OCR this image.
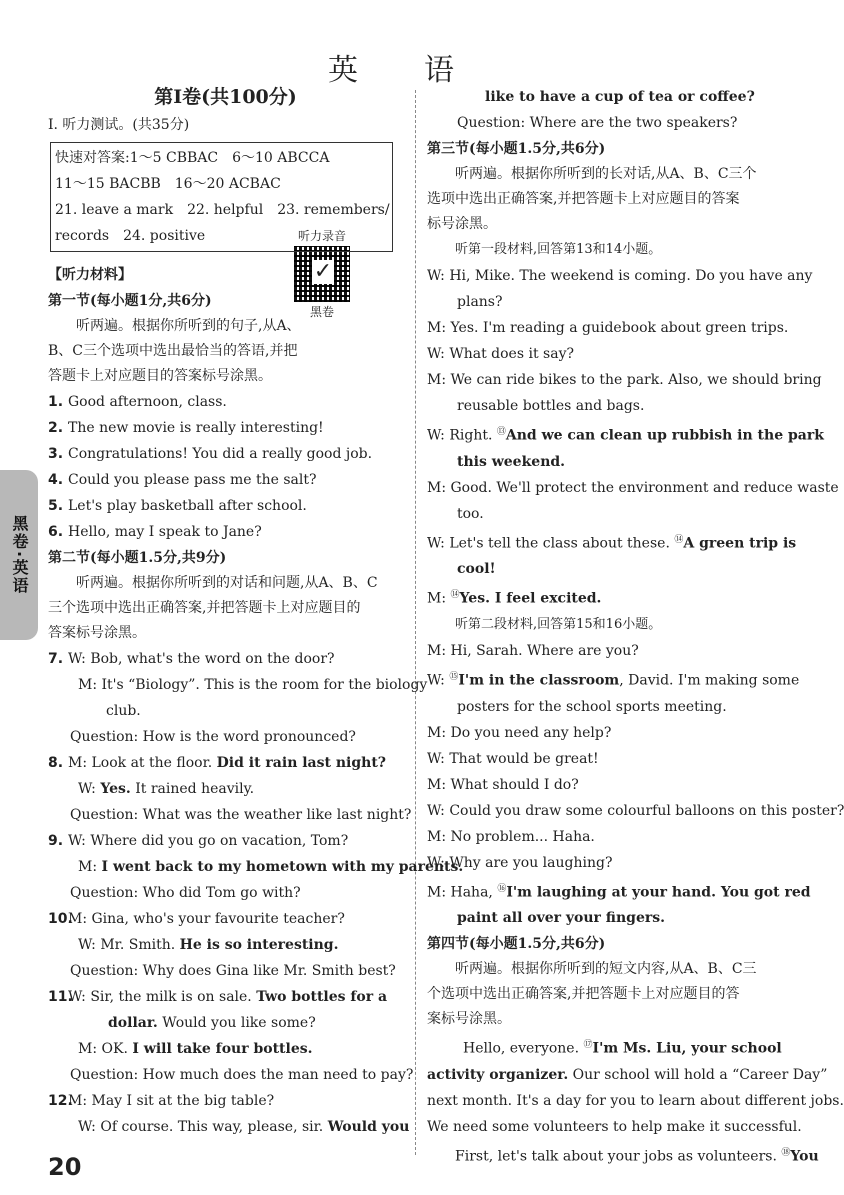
英　语
黑卷·英语
听力录音
✓
黑卷
第Ⅰ卷(共100分)
Ⅰ. 听力测试。(共35分)
快速对答案:1～5 CBBAC　6～10 ABCCA
11～15 BACBB　16～20 ACBAC
21. leave a mark　22. helpful　23. remembers/
records　24. positive
【听力材料】
第一节(每小题1分,共6分)
听两遍。根据你所听到的句子,从A、
B、C三个选项中选出最恰当的答语,并把
答题卡上对应题目的答案标号涂黑。
1. Good afternoon, class.
2. The new movie is really interesting!
3. Congratulations! You did a really good job.
4. Could you please pass me the salt?
5. Let's play basketball after school.
6. Hello, may I speak to Jane?
第二节(每小题1.5分,共9分)
听两遍。根据你所听到的对话和问题,从A、B、C
三个选项中选出正确答案,并把答题卡上对应题目的
答案标号涂黑。
7. W: Bob, what's the word on the door?
M: It's “Biology”. This is the room for the biology
club.
Question: How is the word pronounced?
8. M: Look at the floor. Did it rain last night?
W: Yes. It rained heavily.
Question: What was the weather like last night?
9. W: Where did you go on vacation, Tom?
M: I went back to my hometown with my parents.
Question: Who did Tom go with?
10.M: Gina, who's your favourite teacher?
W: Mr. Smith. He is so interesting.
Question: Why does Gina like Mr. Smith best?
11.W: Sir, the milk is on sale. Two bottles for a
dollar. Would you like some?
M: OK. I will take four bottles.
Question: How much does the man need to pay?
12.M: May I sit at the big table?
W: Of course. This way, please, sir. Would you
like to have a cup of tea or coffee?
Question: Where are the two speakers?
第三节(每小题1.5分,共6分)
听两遍。根据你所听到的长对话,从A、B、C三个
选项中选出正确答案,并把答题卡上对应题目的答案
标号涂黑。
听第一段材料,回答第13和14小题。
W: Hi, Mike. The weekend is coming. Do you have any
plans?
M: Yes. I'm reading a guidebook about green trips.
W: What does it say?
M: We can ride bikes to the park. Also, we should bring
reusable bottles and bags.
W: Right. ⑬And we can clean up rubbish in the park
this weekend.
M: Good. We'll protect the environment and reduce waste
too.
W: Let's tell the class about these. ⑭A green trip is
cool!
M: ⑭Yes. I feel excited.
听第二段材料,回答第15和16小题。
M: Hi, Sarah. Where are you?
W: ⑮I'm in the classroom, David. I'm making some
posters for the school sports meeting.
M: Do you need any help?
W: That would be great!
M: What should I do?
W: Could you draw some colourful balloons on this poster?
M: No problem... Haha.
W: Why are you laughing?
M: Haha, ⑯I'm laughing at your hand. You got red
paint all over your fingers.
第四节(每小题1.5分,共6分)
听两遍。根据你所听到的短文内容,从A、B、C三
个选项中选出正确答案,并把答题卡上对应题目的答
案标号涂黑。
Hello, everyone. ⑰I'm Ms. Liu, your school
activity organizer. Our school will hold a “Career Day”
next month. It's a day for you to learn about different jobs.
We need some volunteers to help make it successful.
First, let's talk about your jobs as volunteers. ⑱You
20
